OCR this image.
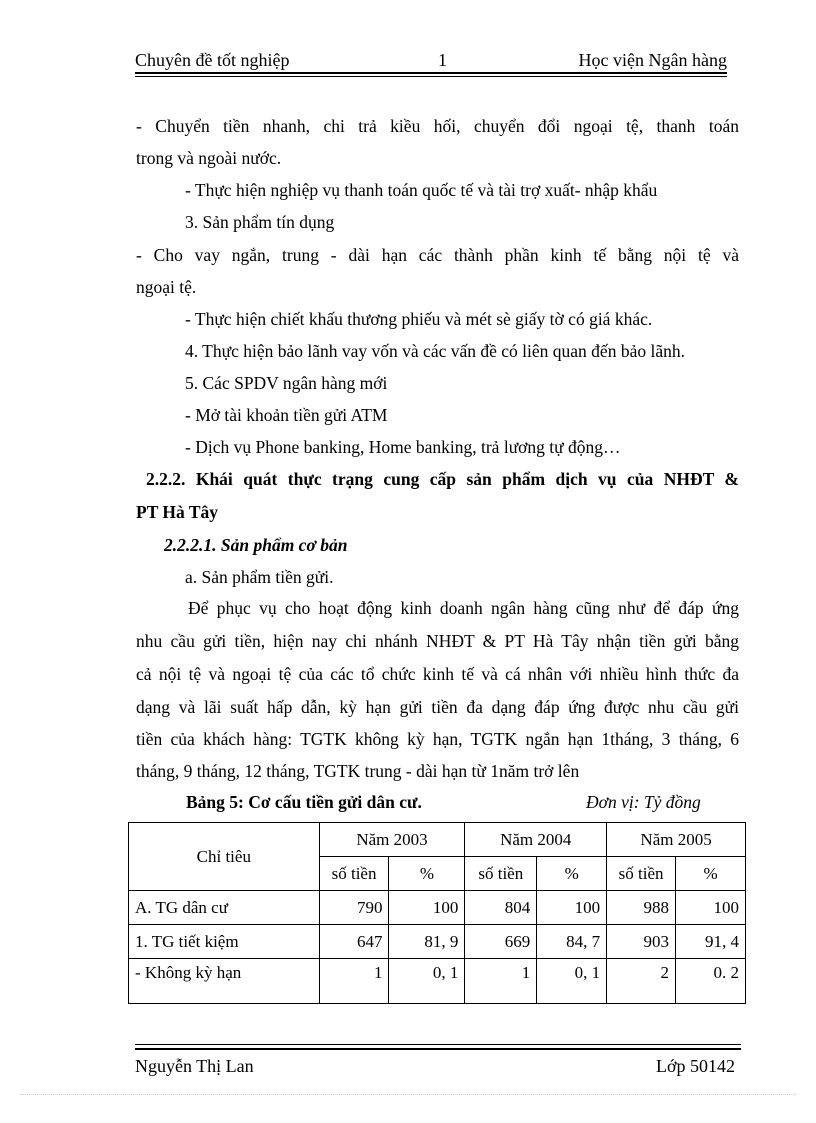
Chuyên đề tốt nghiệp	1	Học viện Ngân hàng
- Chuyển tiền nhanh, chi trả kiều hối, chuyển đổi ngoại tệ, thanh toán
trong và ngoài nước.
- Thực hiện nghiệp vụ thanh toán quốc tế và tài trợ xuất- nhập khẩu
3. Sản phẩm tín dụng
- Cho vay ngắn, trung - dài hạn các thành phần kinh tế bằng nội tệ và
ngoại tệ.
- Thực hiện chiết khấu thương phiếu và mét sè giấy tờ có giá khác.
4. Thực hiện bảo lãnh vay vốn và các vấn đề có liên quan đến bảo lãnh.
5. Các SPDV ngân hàng mới
- Mở tài khoản tiền gửi ATM
- Dịch vụ Phone banking, Home banking, trả lương tự động…
2.2.2. Khái quát thực trạng cung cấp sản phẩm dịch vụ của NHĐT &
PT Hà Tây
2.2.2.1. Sản phẩm cơ bản
a. Sản phẩm tiền gửi.
Để phục vụ cho hoạt động kinh doanh ngân hàng cũng như để đáp ứng
nhu cầu gửi tiền, hiện nay chi nhánh NHĐT & PT Hà Tây nhận tiền gửi bằng
cả nội tệ và ngoại tệ của các tổ chức kinh tế và cá nhân với nhiều hình thức đa
dạng và lãi suất hấp dẫn, kỳ hạn gửi tiền đa dạng đáp ứng được nhu cầu gửi
tiền của khách hàng: TGTK không kỳ hạn, TGTK ngắn hạn 1tháng, 3 tháng, 6
tháng, 9 tháng, 12 tháng, TGTK trung - dài hạn từ 1năm trở lên
Bảng 5: Cơ cấu tiền gửi dân cư.	Đơn vị: Tỷ đồng
Chỉ tiêu	Năm 2003		Năm 2004		Năm 2005	
	số tiền	%	số tiền	%	số tiền	%
A. TG dân cư	790	100	804	100	988	100
1. TG tiết kiệm	647	81, 9	669	84, 7	903	91, 4
- Không kỳ hạn	1	0, 1	1	0, 1	2	0. 2
Nguyễn Thị Lan	Lớp 50142
